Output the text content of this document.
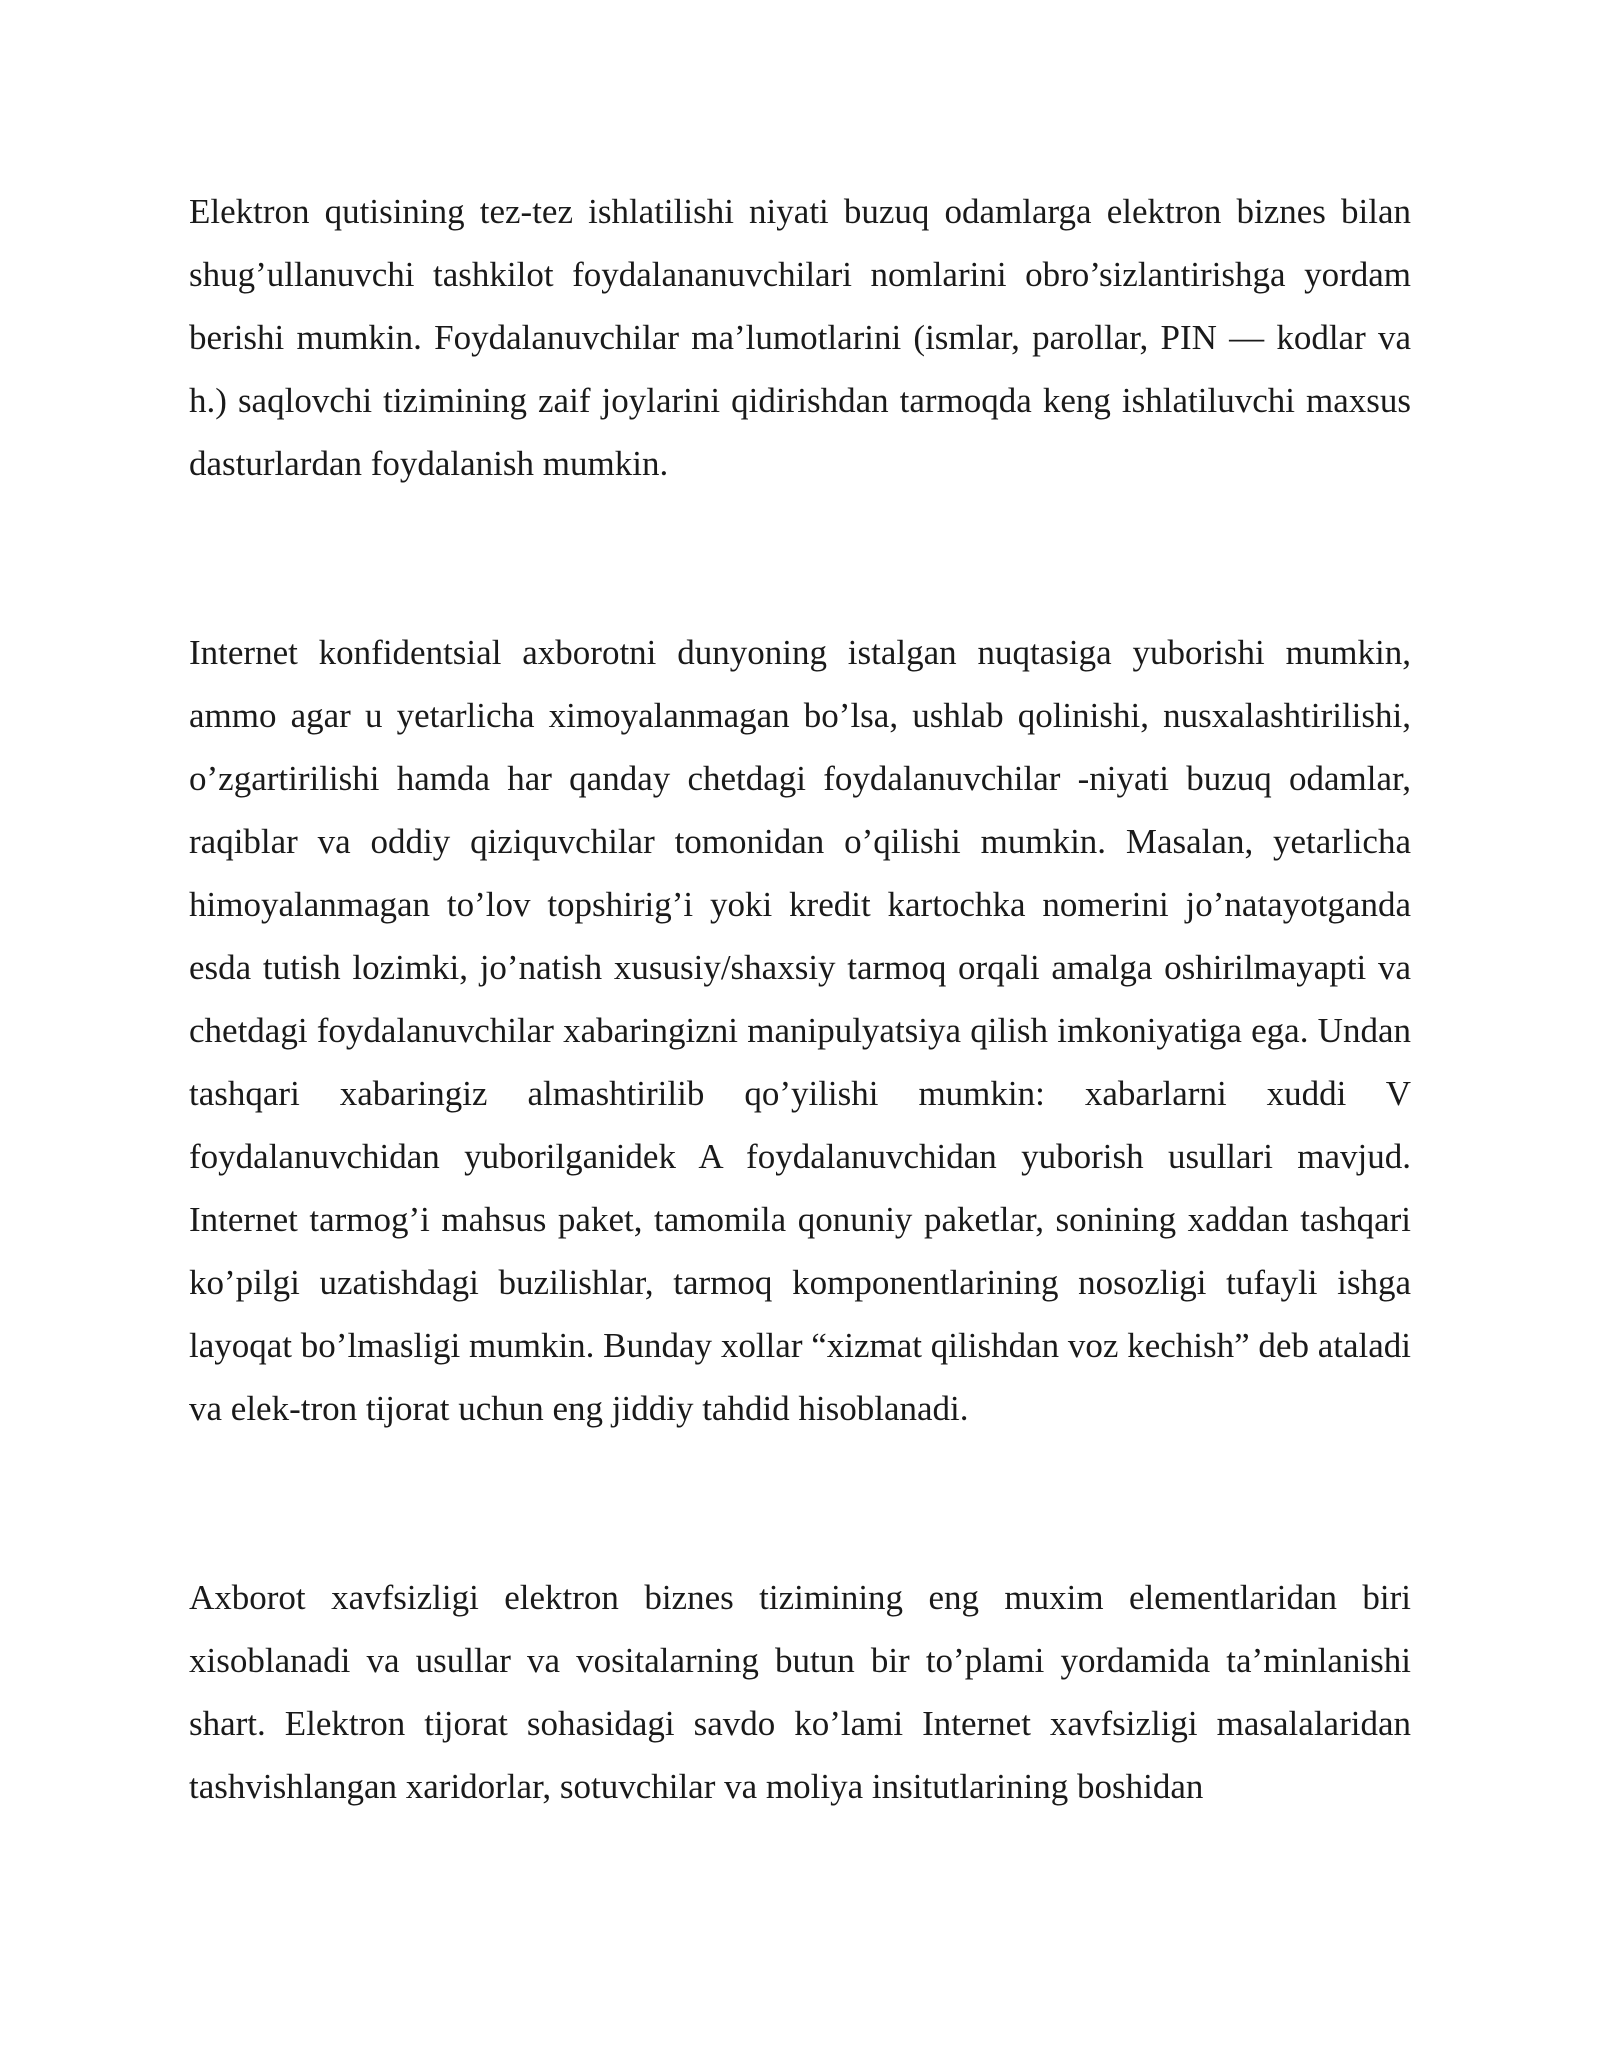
Elektron qutisining tez-tez ishlatilishi niyati buzuq odamlarga elektron biznes bilan shug’ullanuvchi tashkilot foydalananuvchilari nomlarini obro’sizlantirishga yordam berishi mumkin. Foydalanuvchilar ma’lumotlarini (ismlar, parollar, PIN — kodlar va h.) saqlovchi tizimining zaif joylarini qidirishdan tarmoqda keng ishlatiluvchi maxsus dasturlardan foydalanish mumkin.

Internet konfidentsial axborotni dunyoning istalgan nuqtasiga yuborishi mumkin, ammo agar u yetarlicha ximoyalanmagan bo’lsa, ushlab qolinishi, nusxalashtirilishi, o’zgartirilishi hamda har qanday chetdagi foydalanuvchilar -niyati buzuq odamlar, raqiblar va oddiy qiziquvchilar tomonidan o’qilishi mumkin. Masalan, yetarlicha himoyalanmagan to’lov topshirig’i yoki kredit kartochka nomerini jo’natayotganda esda tutish lozimki, jo’natish xususiy/shaxsiy tarmoq orqali amalga oshirilmayapti va chetdagi foydalanuvchilar xabaringizni manipulyatsiya qilish imkoniyatiga ega. Undan tashqari xabaringiz almashtirilib qo’yilishi mumkin: xabarlarni xuddi V foydalanuvchidan yuborilganidek A foydalanuvchidan yuborish usullari mavjud. Internet tarmog’i mahsus paket, tamomila qonuniy paketlar, sonining xaddan tashqari ko’pilgi uzatishdagi buzilishlar, tarmoq komponentlarining nosozligi tufayli ishga layoqat bo’lmasligi mumkin. Bunday xollar “xizmat qilishdan voz kechish” deb ataladi va elek-tron tijorat uchun eng jiddiy tahdid hisoblanadi.

Axborot xavfsizligi elektron biznes tizimining eng muxim elementlaridan biri xisoblanadi va usullar va vositalarning butun bir to’plami yordamida ta’minlanishi shart. Elektron tijorat sohasidagi savdo ko’lami Internet xavfsizligi masalalaridan tashvishlangan xaridorlar, sotuvchilar va moliya insitutlarining boshidan
